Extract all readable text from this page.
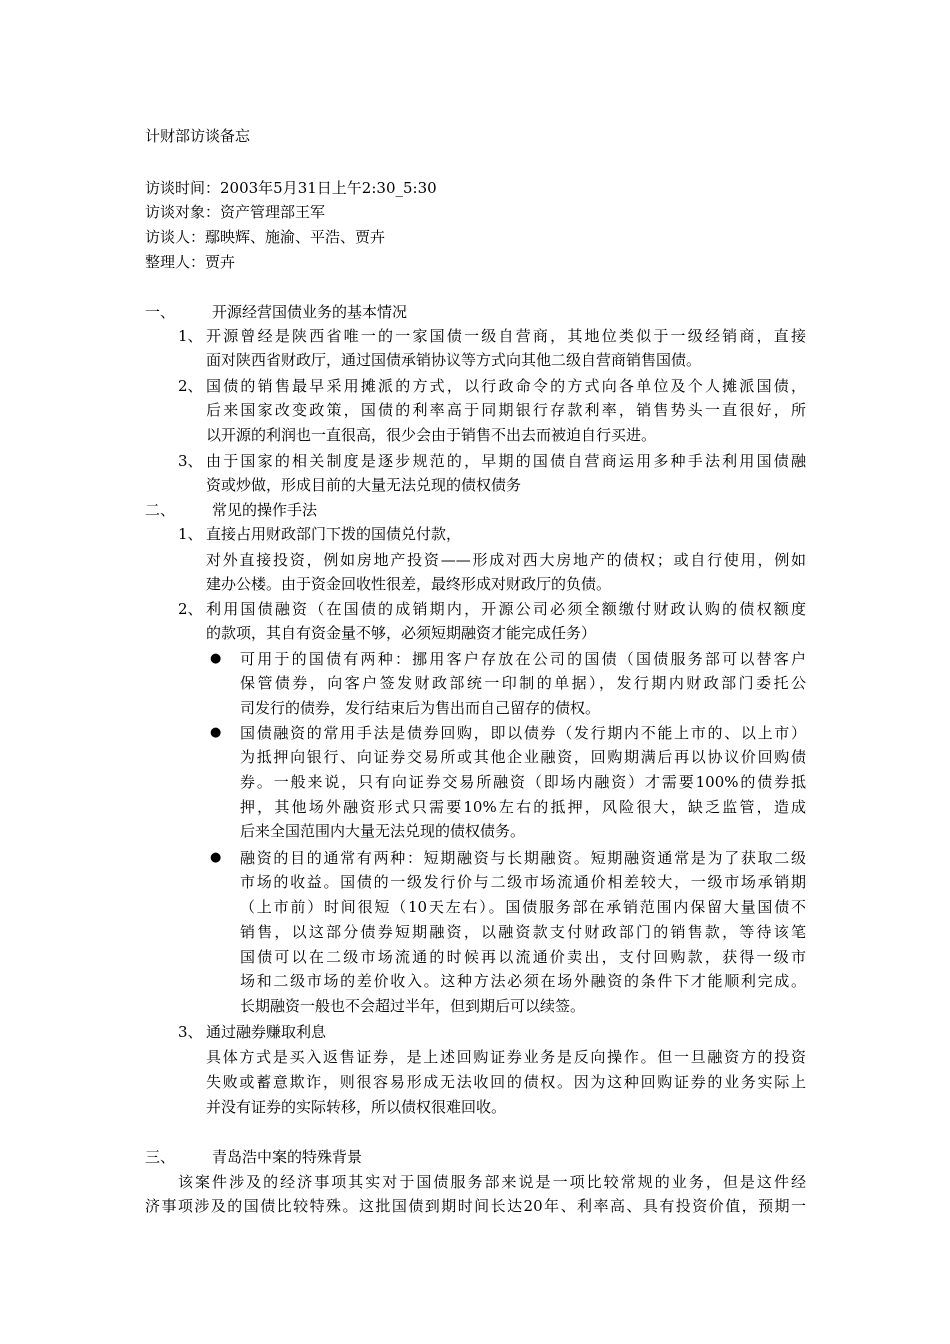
计财部访谈备忘
访谈时间：2003年5月31日上午2:30_5:30
访谈对象：资产管理部王军
访谈人：鄢映辉、施渝、平浩、贾卉
整理人：贾卉
一、 开源经营国债业务的基本情况
1、 开源曾经是陕西省唯一的一家国债一级自营商，其地位类似于一级经销商，直接
面对陕西省财政厅，通过国债承销协议等方式向其他二级自营商销售国债。
2、 国债的销售最早采用摊派的方式，以行政命令的方式向各单位及个人摊派国债，
后来国家改变政策，国债的利率高于同期银行存款利率，销售势头一直很好，所
以开源的利润也一直很高，很少会由于销售不出去而被迫自行买进。
3、 由于国家的相关制度是逐步规范的，早期的国债自营商运用多种手法利用国债融
资或炒做，形成目前的大量无法兑现的债权债务
二、 常见的操作手法
1、 直接占用财政部门下拨的国债兑付款，
对外直接投资，例如房地产投资——形成对西大房地产的债权；或自行使用，例如
建办公楼。由于资金回收性很差，最终形成对财政厅的负债。
2、 利用国债融资（在国债的成销期内，开源公司必须全额缴付财政认购的债权额度
的款项，其自有资金量不够，必须短期融资才能完成任务）
● 可用于的国债有两种：挪用客户存放在公司的国债（国债服务部可以替客户
保管债券，向客户签发财政部统一印制的单据），发行期内财政部门委托公
司发行的债券，发行结束后为售出而自己留存的债权。
● 国债融资的常用手法是债券回购，即以债券（发行期内不能上市的、以上市）
为抵押向银行、向证券交易所或其他企业融资，回购期满后再以协议价回购债
券。一般来说，只有向证券交易所融资（即场内融资）才需要100%的债券抵
押，其他场外融资形式只需要10%左右的抵押，风险很大，缺乏监管，造成
后来全国范围内大量无法兑现的债权债务。
● 融资的目的通常有两种：短期融资与长期融资。短期融资通常是为了获取二级
市场的收益。国债的一级发行价与二级市场流通价相差较大，一级市场承销期
（上市前）时间很短（10天左右）。国债服务部在承销范围内保留大量国债不
销售，以这部分债券短期融资，以融资款支付财政部门的销售款，等待该笔
国债可以在二级市场流通的时候再以流通价卖出，支付回购款，获得一级市
场和二级市场的差价收入。这种方法必须在场外融资的条件下才能顺利完成。
长期融资一般也不会超过半年，但到期后可以续签。
3、 通过融券赚取利息
具体方式是买入返售证券，是上述回购证券业务是反向操作。但一旦融资方的投资
失败或蓄意欺诈，则很容易形成无法收回的债权。因为这种回购证券的业务实际上
并没有证券的实际转移，所以债权很难回收。
三、 青岛浩中案的特殊背景
该案件涉及的经济事项其实对于国债服务部来说是一项比较常规的业务，但是这件经
济事项涉及的国债比较特殊。这批国债到期时间长达20年、利率高、具有投资价值，预期一
